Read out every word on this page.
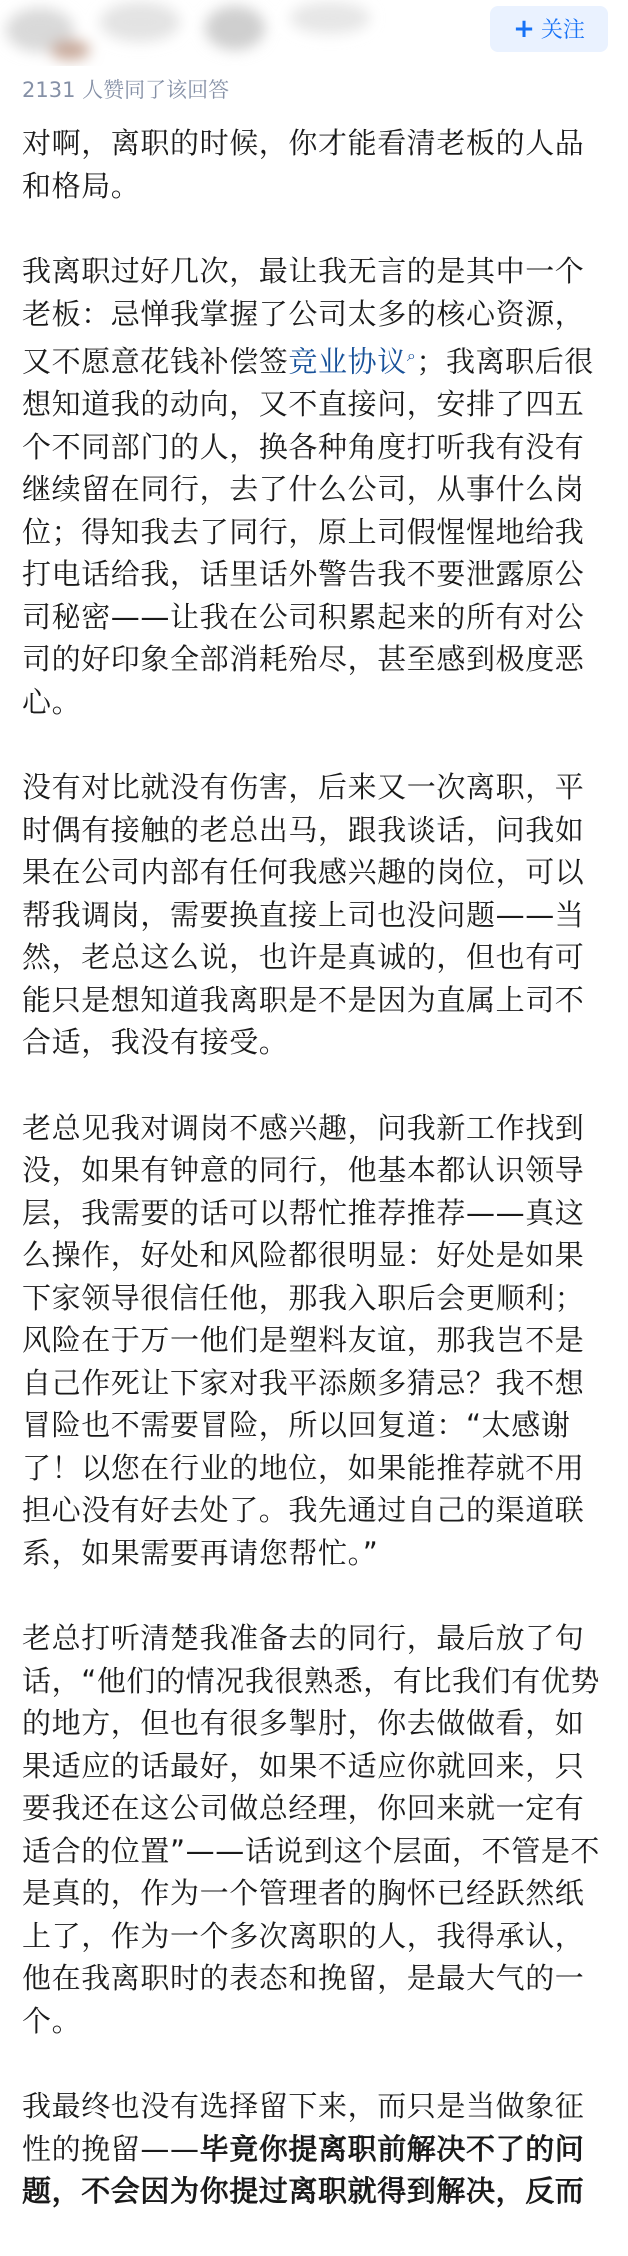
+ 关注
2131 人赞同了该回答

对啊，离职的时候，你才能看清老板的人品和格局。

我离职过好几次，最让我无言的是其中一个老板：忌惮我掌握了公司太多的核心资源，又不愿意花钱补偿签竞业协议⌕；我离职后很想知道我的动向，又不直接问，安排了四五个不同部门的人，换各种角度打听我有没有继续留在同行，去了什么公司，从事什么岗位；得知我去了同行，原上司假惺惺地给我打电话给我，话里话外警告我不要泄露原公司秘密——让我在公司积累起来的所有对公司的好印象全部消耗殆尽，甚至感到极度恶心。

没有对比就没有伤害，后来又一次离职，平时偶有接触的老总出马，跟我谈话，问我如果在公司内部有任何我感兴趣的岗位，可以帮我调岗，需要换直接上司也没问题——当然，老总这么说，也许是真诚的，但也有可能只是想知道我离职是不是因为直属上司不合适，我没有接受。

老总见我对调岗不感兴趣，问我新工作找到没，如果有钟意的同行，他基本都认识领导层，我需要的话可以帮忙推荐推荐——真这么操作，好处和风险都很明显：好处是如果下家领导很信任他，那我入职后会更顺利；风险在于万一他们是塑料友谊，那我岂不是自己作死让下家对我平添颇多猜忌？我不想冒险也不需要冒险，所以回复道：“太感谢了！以您在行业的地位，如果能推荐就不用担心没有好去处了。我先通过自己的渠道联系，如果需要再请您帮忙。”

老总打听清楚我准备去的同行，最后放了句话，“他们的情况我很熟悉，有比我们有优势的地方，但也有很多掣肘，你去做做看，如果适应的话最好，如果不适应你就回来，只要我还在这公司做总经理，你回来就一定有适合的位置”——话说到这个层面，不管是不是真的，作为一个管理者的胸怀已经跃然纸上了，作为一个多次离职的人，我得承认，他在我离职时的表态和挽留，是最大气的一个。

我最终也没有选择留下来，而只是当做象征性的挽留——毕竟你提离职前解决不了的问题，不会因为你提过离职就得到解决，反而
